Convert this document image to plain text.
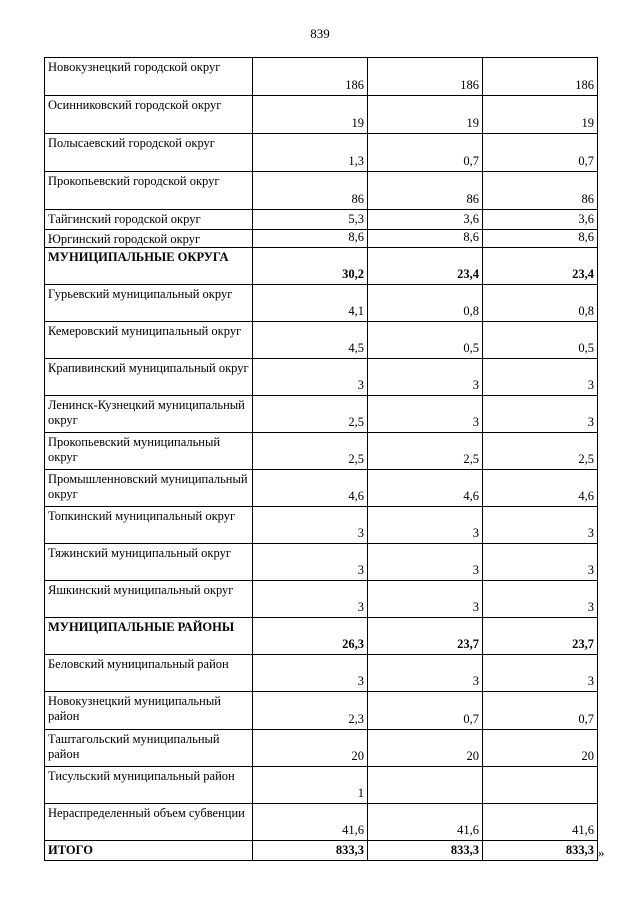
839
Новокузнецкий городской округ	186	186	186
Осинниковский городской округ	19	19	19
Полысаевский городской округ	1,3	0,7	0,7
Прокопьевский городской округ	86	86	86
Тайгинский городской округ	5,3	3,6	3,6
Юргинский городской округ	8,6	8,6	8,6
МУНИЦИПАЛЬНЫЕ ОКРУГА	30,2	23,4	23,4
Гурьевский муниципальный округ	4,1	0,8	0,8
Кемеровский муниципальный округ	4,5	0,5	0,5
Крапивинский муниципальный округ	3	3	3
Ленинск-Кузнецкий муниципальный округ	2,5	3	3
Прокопьевский муниципальный округ	2,5	2,5	2,5
Промышленновский муниципальный округ	4,6	4,6	4,6
Топкинский муниципальный округ	3	3	3
Тяжинский муниципальный округ	3	3	3
Яшкинский муниципальный округ	3	3	3
МУНИЦИПАЛЬНЫЕ РАЙОНЫ	26,3	23,7	23,7
Беловский муниципальный район	3	3	3
Новокузнецкий муниципальный район	2,3	0,7	0,7
Таштагольский муниципальный район	20	20	20
Тисульский муниципальный район	1		
Нераспределенный объем субвенции	41,6	41,6	41,6
ИТОГО	833,3	833,3	833,3 »
